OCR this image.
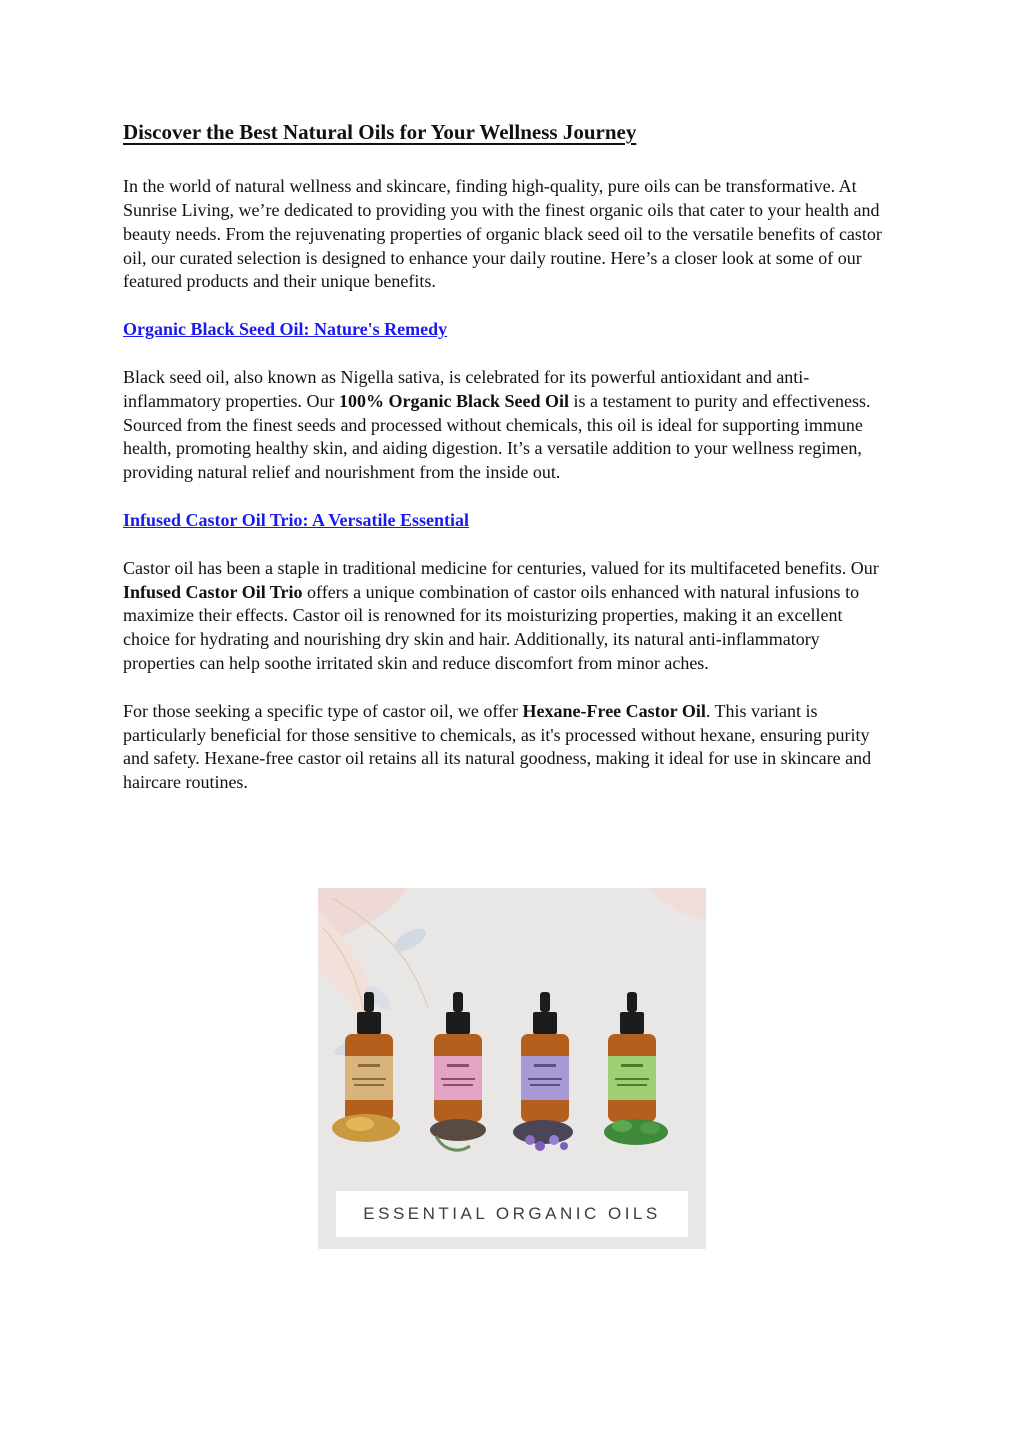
Discover the Best Natural Oils for Your Wellness Journey

In the world of natural wellness and skincare, finding high-quality, pure oils can be transformative. At Sunrise Living, we’re dedicated to providing you with the finest organic oils that cater to your health and beauty needs. From the rejuvenating properties of organic black seed oil to the versatile benefits of castor oil, our curated selection is designed to enhance your daily routine. Here’s a closer look at some of our featured products and their unique benefits.

Organic Black Seed Oil: Nature's Remedy

Black seed oil, also known as Nigella sativa, is celebrated for its powerful antioxidant and anti-inflammatory properties. Our 100% Organic Black Seed Oil is a testament to purity and effectiveness. Sourced from the finest seeds and processed without chemicals, this oil is ideal for supporting immune health, promoting healthy skin, and aiding digestion. It’s a versatile addition to your wellness regimen, providing natural relief and nourishment from the inside out.

Infused Castor Oil Trio: A Versatile Essential

Castor oil has been a staple in traditional medicine for centuries, valued for its multifaceted benefits. Our Infused Castor Oil Trio offers a unique combination of castor oils enhanced with natural infusions to maximize their effects. Castor oil is renowned for its moisturizing properties, making it an excellent choice for hydrating and nourishing dry skin and hair. Additionally, its natural anti-inflammatory properties can help soothe irritated skin and reduce discomfort from minor aches.

For those seeking a specific type of castor oil, we offer Hexane-Free Castor Oil. This variant is particularly beneficial for those sensitive to chemicals, as it's processed without hexane, ensuring purity and safety. Hexane-free castor oil retains all its natural goodness, making it ideal for use in skincare and haircare routines.

ESSENTIAL ORGANIC OILS
